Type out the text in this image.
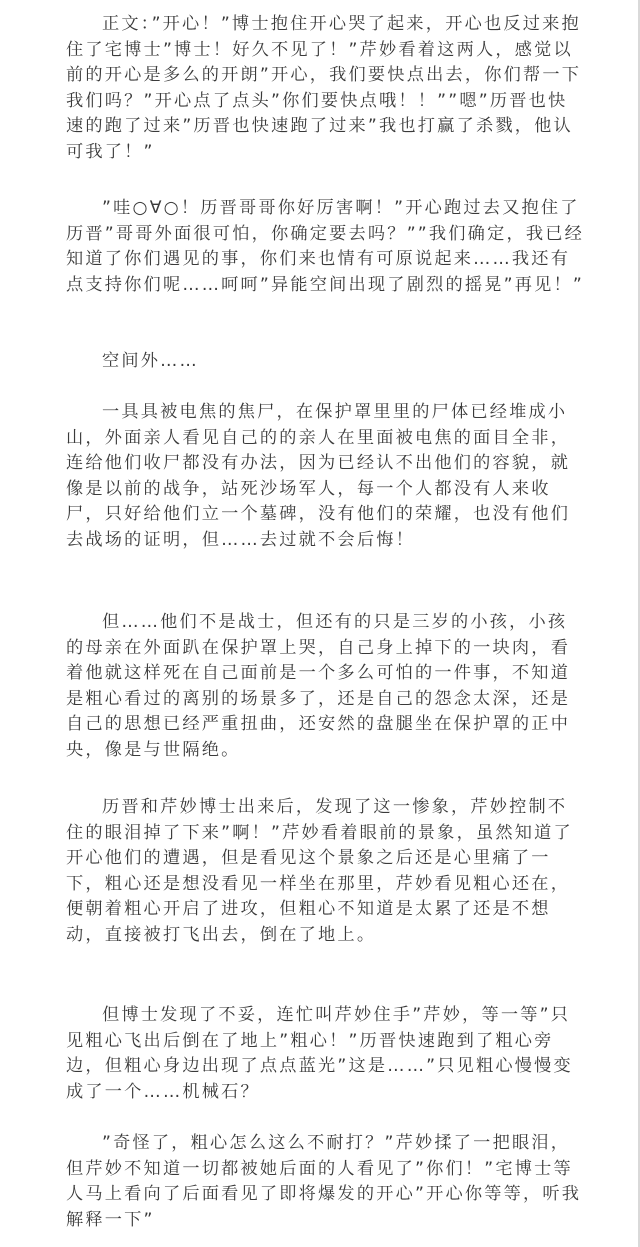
正文：”开心！”博士抱住开心哭了起来，开心也反过来抱住了宅博士”博士！好久不见了！”芹妙看着这两人，感觉以前的开心是多么的开朗”开心，我们要快点出去，你们帮一下我们吗？”开心点了点头”你们要快点哦！！””嗯”历晋也快速的跑了过来”历晋也快速跑了过来”我也打赢了杀戮，他认可我了！”

”哇○∀○！历晋哥哥你好厉害啊！”开心跑过去又抱住了历晋”哥哥外面很可怕，你确定要去吗？””我们确定，我已经知道了你们遇见的事，你们来也情有可原说起来……我还有点支持你们呢……呵呵”异能空间出现了剧烈的摇晃”再见！”

空间外……

一具具被电焦的焦尸，在保护罩里里的尸体已经堆成小山，外面亲人看见自己的的亲人在里面被电焦的面目全非，连给他们收尸都没有办法，因为已经认不出他们的容貌，就像是以前的战争，站死沙场军人，每一个人都没有人来收尸，只好给他们立一个墓碑，没有他们的荣耀，也没有他们去战场的证明，但……去过就不会后悔！

但……他们不是战士，但还有的只是三岁的小孩，小孩的母亲在外面趴在保护罩上哭，自己身上掉下的一块肉，看着他就这样死在自己面前是一个多么可怕的一件事，不知道是粗心看过的离别的场景多了，还是自己的怨念太深，还是自己的思想已经严重扭曲，还安然的盘腿坐在保护罩的正中央，像是与世隔绝。

历晋和芹妙博士出来后，发现了这一惨象，芹妙控制不住的眼泪掉了下来”啊！”芹妙看着眼前的景象，虽然知道了开心他们的遭遇，但是看见这个景象之后还是心里痛了一下，粗心还是想没看见一样坐在那里，芹妙看见粗心还在，便朝着粗心开启了进攻，但粗心不知道是太累了还是不想动，直接被打飞出去，倒在了地上。

但博士发现了不妥，连忙叫芹妙住手”芹妙，等一等”只见粗心飞出后倒在了地上”粗心！”历晋快速跑到了粗心旁边，但粗心身边出现了点点蓝光”这是……”只见粗心慢慢变成了一个……机械石？

”奇怪了，粗心怎么这么不耐打？”芹妙揉了一把眼泪，但芹妙不知道一切都被她后面的人看见了”你们！”宅博士等人马上看向了后面看见了即将爆发的开心”开心你等等，听我解释一下”
